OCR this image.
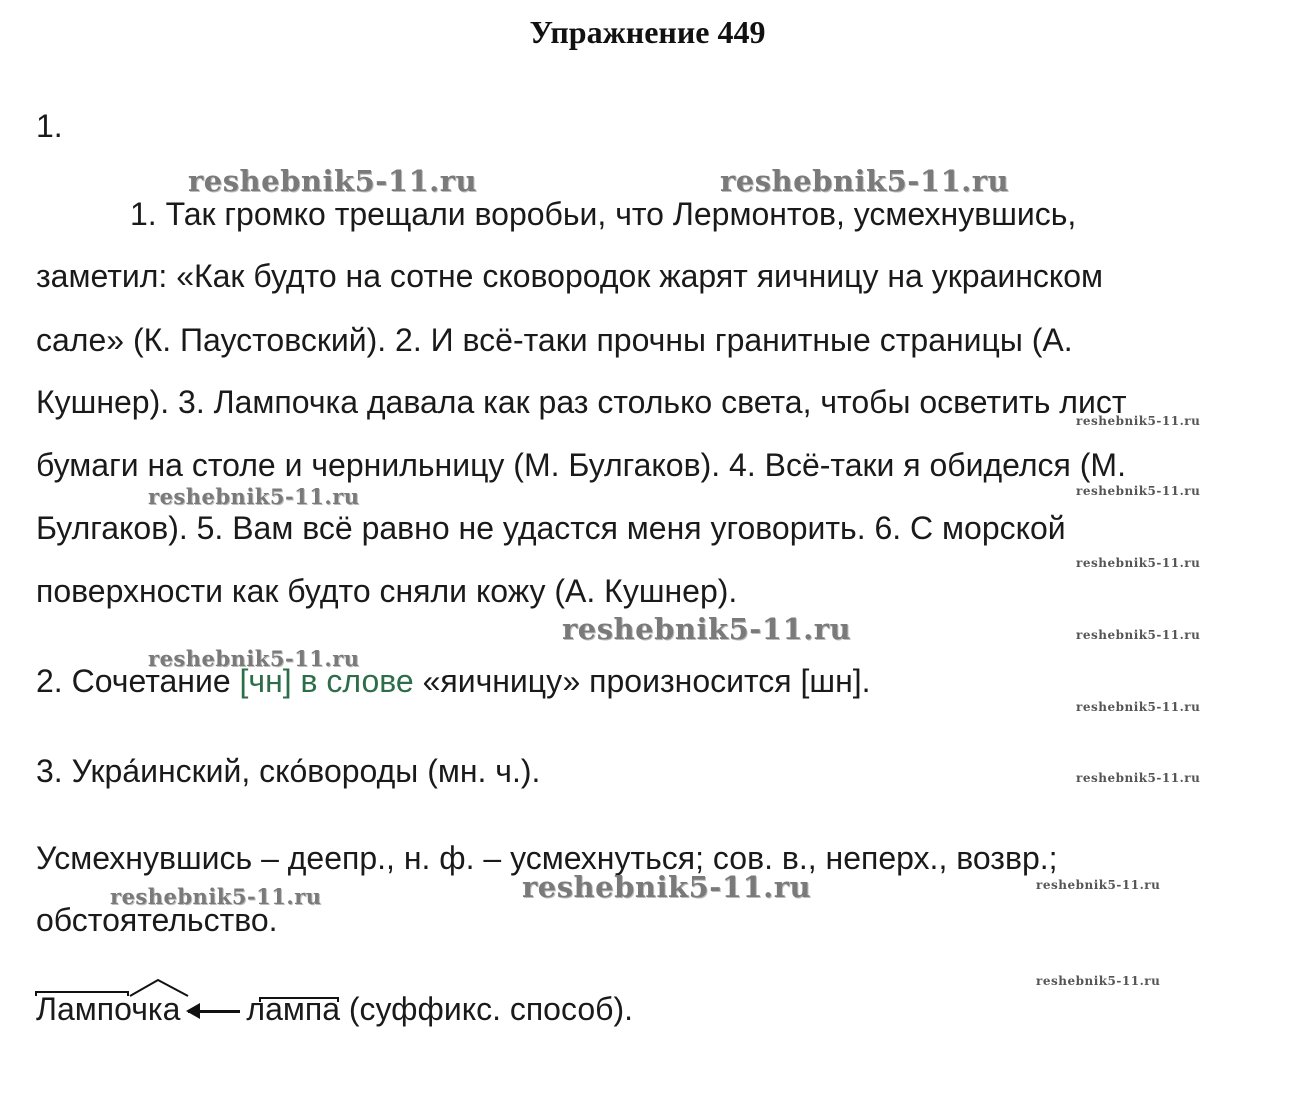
Упражнение 449
1.
1. Так громко трещали воробьи, что Лермонтов, усмехнувшись,
заметил: «Как будто на сотне сковородок жарят яичницу на украинском
сале» (К. Паустовский). 2. И всё-таки прочны гранитные страницы (А.
Кушнер). 3. Лампочка давала как раз столько света, чтобы осветить лист
бумаги на столе и чернильницу (М. Булгаков). 4. Всё-таки я обиделся (М.
Булгаков). 5. Вам всё равно не удастся меня уговорить. 6. С морской
поверхности как будто сняли кожу (А. Кушнер).
2. Сочетание [чн] в слове «яичницу» произносится [шн].
3. Укра́инский, ско́вороды (мн. ч.).
Усмехнувшись – деепр., н. ф. – усмехнуться; сов. в., неперх., возвр.;
обстоятельство.
Лампочка лампа (суффикс. способ).
reshebnik5-11.ru	reshebnik5-11.ru
reshebnik5-11.ru
reshebnik5-11.ru
reshebnik5-11.ru
reshebnik5-11.ru
reshebnik5-11.ru
reshebnik5-11.ru
reshebnik5-11.ru
reshebnik5-11.ru
reshebnik5-11.ru
reshebnik5-11.ru
reshebnik5-11.ru
reshebnik5-11.ru
reshebnik5-11.ru
